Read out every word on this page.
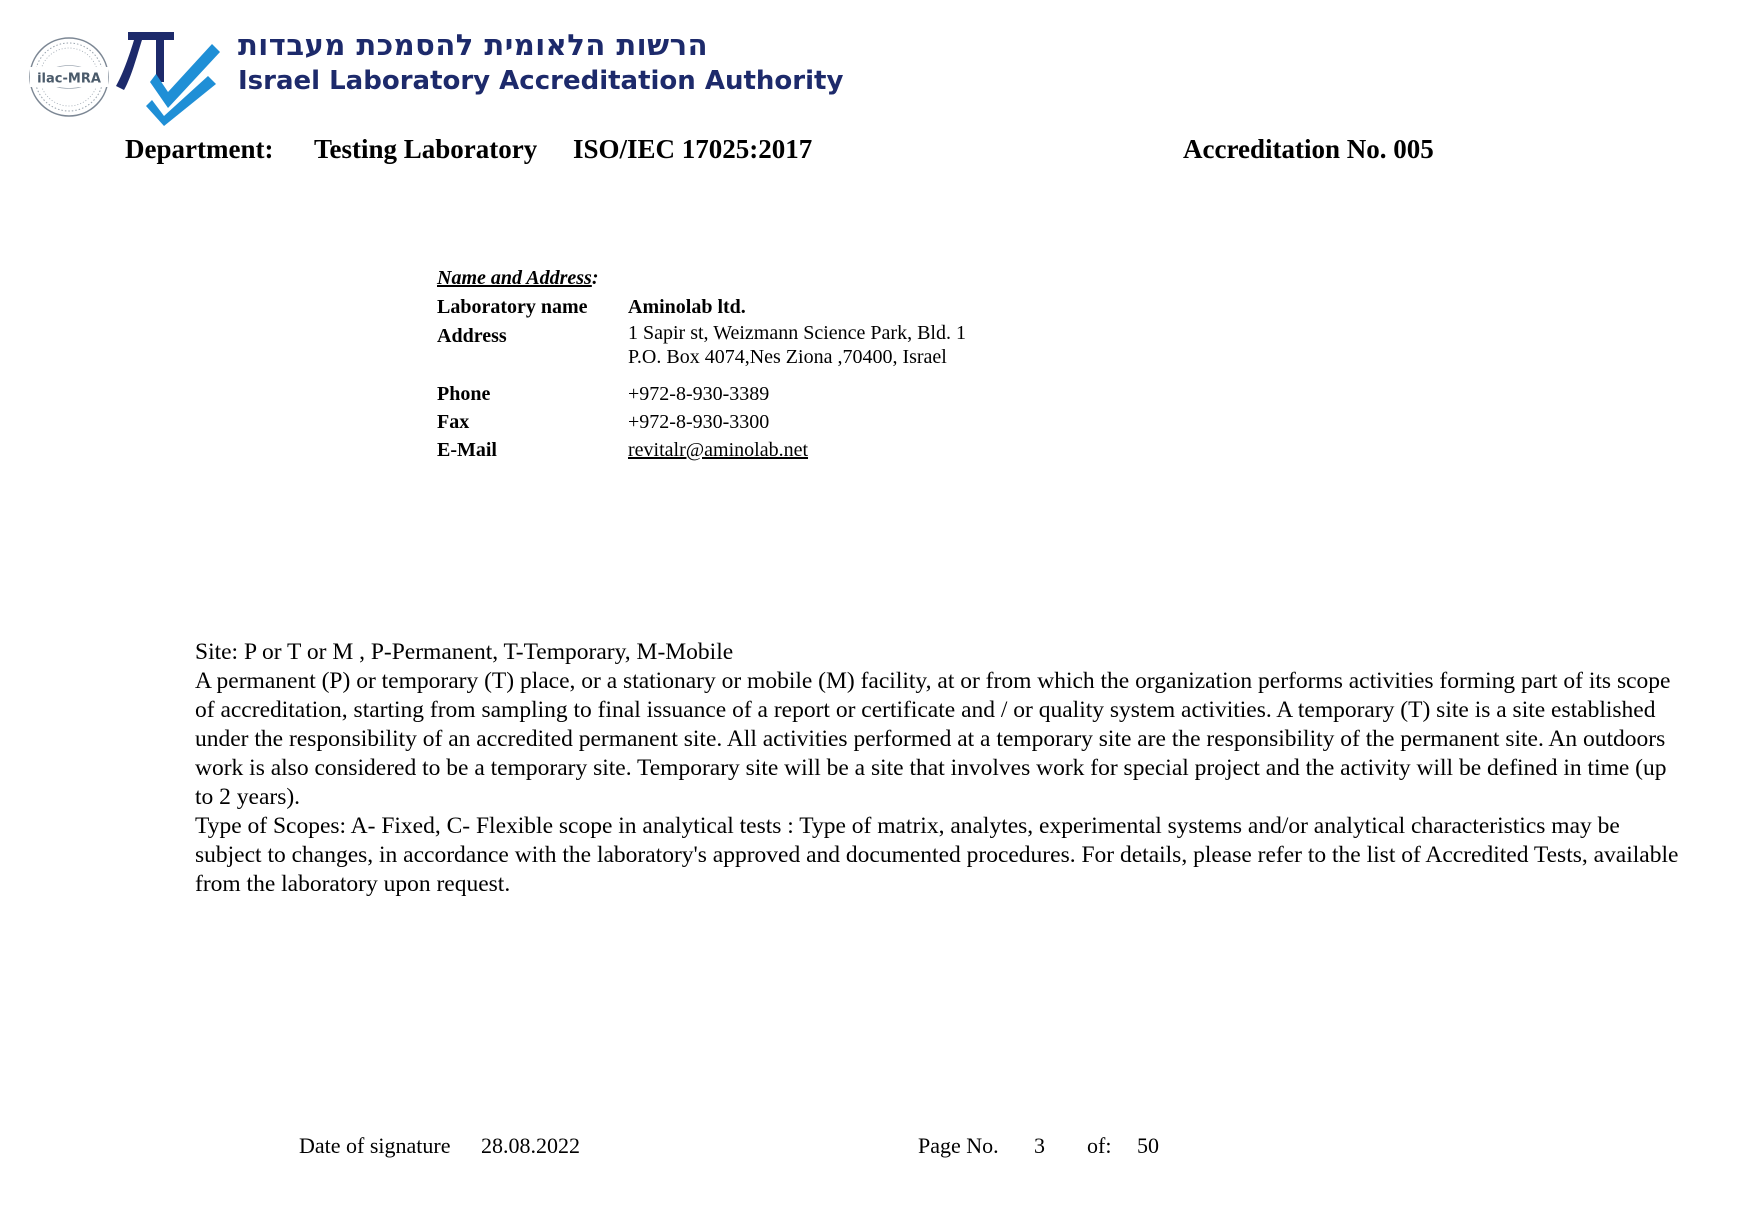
ilac-MRA
הרשות הלאומית להסמכת מעבדות
Israel Laboratory Accreditation Authority
Department: Testing Laboratory ISO/IEC 17025:2017	Accreditation No. 005
Name and Address:
Laboratory name Aminolab ltd.
Address	1 Sapir st, Weizmann Science Park, Bld. 1
P.O. Box 4074,Nes Ziona ,70400, Israel
Phone	+972-8-930-3389
Fax	+972-8-930-3300
E-Mail	revitalr@aminolab.net

Site: P or T or M , P-Permanent, T-Temporary, M-Mobile

A permanent (P) or temporary (T) place, or a stationary or mobile (M) facility, at or from which the organization performs activities forming part of its scope of accreditation, starting from sampling to final issuance of a report or certificate and / or quality system activities. A temporary (T) site is a site established under the responsibility of an accredited permanent site. All activities performed at a temporary site are the responsibility of the permanent site. An outdoors work is also considered to be a temporary site. Temporary site will be a site that involves work for special project and the activity will be defined in time (up to 2 years).

Type of Scopes: A- Fixed, C- Flexible scope in analytical tests : Type of matrix, analytes, experimental systems and/or analytical characteristics may be subject to changes, in accordance with the laboratory's approved and documented procedures. For details, please refer to the list of Accredited Tests, available from the laboratory upon request.

Date of signature 28.08.2022	Page No. 3 of: 50
